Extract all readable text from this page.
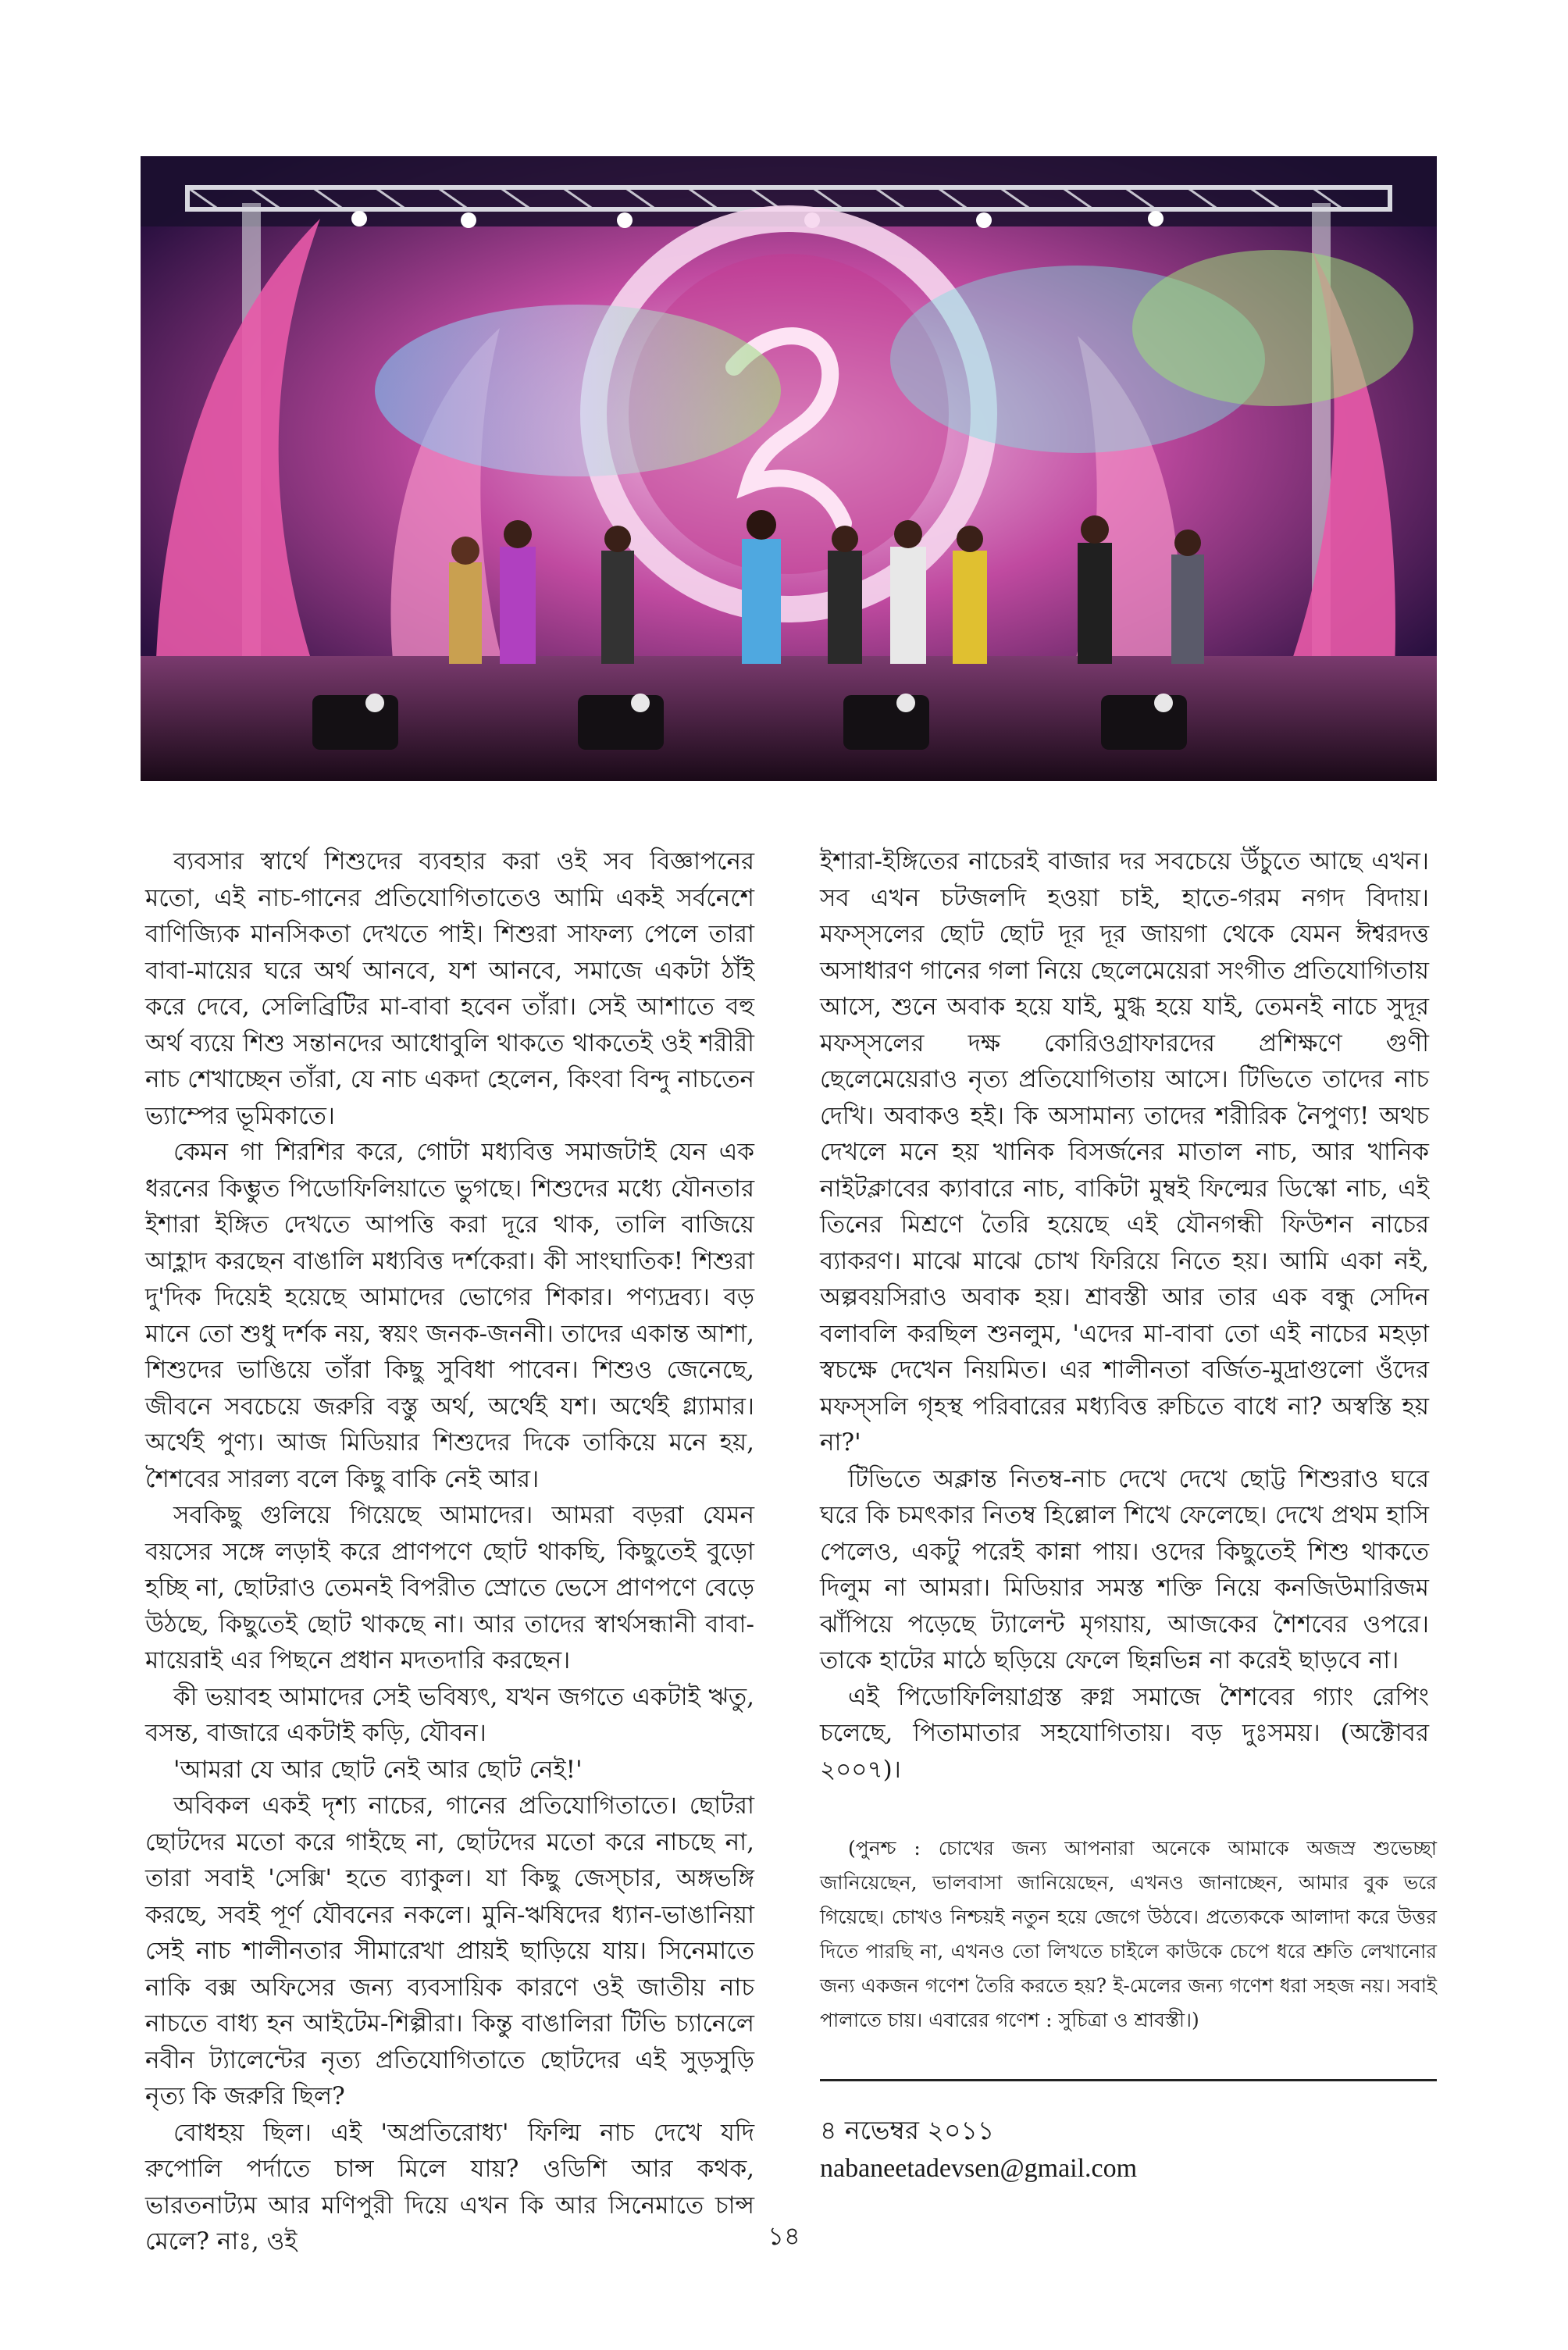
ব্যবসার স্বার্থে শিশুদের ব্যবহার করা ওই সব বিজ্ঞাপনের মতো, এই নাচ-গানের প্রতিযোগিতাতেও আমি একই সর্বনেশে বাণিজ্যিক মানসিকতা দেখতে পাই। শিশুরা সাফল্য পেলে তারা বাবা-মায়ের ঘরে অর্থ আনবে, যশ আনবে, সমাজে একটা ঠাঁই করে দেবে, সেলিব্রিটির মা-বাবা হবেন তাঁরা। সেই আশাতে বহু অর্থ ব্যয়ে শিশু সন্তানদের আধোবুলি থাকতে থাকতেই ওই শরীরী নাচ শেখাচ্ছেন তাঁরা, যে নাচ একদা হেলেন, কিংবা বিন্দু নাচতেন ভ্যাম্পের ভূমিকাতে।

কেমন গা শিরশির করে, গোটা মধ্যবিত্ত সমাজটাই যেন এক ধরনের কিম্ভুত পিডোফিলিয়াতে ভুগছে। শিশুদের মধ্যে যৌনতার ইশারা ইঙ্গিত দেখতে আপত্তি করা দূরে থাক, তালি বাজিয়ে আহ্লাদ করছেন বাঙালি মধ্যবিত্ত দর্শকেরা। কী সাংঘাতিক! শিশুরা দু'দিক দিয়েই হয়েছে আমাদের ভোগের শিকার। পণ্যদ্রব্য। বড় মানে তো শুধু দর্শক নয়, স্বয়ং জনক-জননী। তাদের একান্ত আশা, শিশুদের ভাঙিয়ে তাঁরা কিছু সুবিধা পাবেন। শিশুও জেনেছে, জীবনে সবচেয়ে জরুরি বস্তু অর্থ, অর্থেই যশ। অর্থেই গ্ল্যামার। অর্থেই পুণ্য। আজ মিডিয়ার শিশুদের দিকে তাকিয়ে মনে হয়, শৈশবের সারল্য বলে কিছু বাকি নেই আর।

সবকিছু গুলিয়ে গিয়েছে আমাদের। আমরা বড়রা যেমন বয়সের সঙ্গে লড়াই করে প্রাণপণে ছোট থাকছি, কিছুতেই বুড়ো হচ্ছি না, ছোটরাও তেমনই বিপরীত স্রোতে ভেসে প্রাণপণে বেড়ে উঠছে, কিছুতেই ছোট থাকছে না। আর তাদের স্বার্থসন্ধানী বাবা-মায়েরাই এর পিছনে প্রধান মদতদারি করছেন।

কী ভয়াবহ আমাদের সেই ভবিষ্যৎ, যখন জগতে একটাই ঋতু, বসন্ত, বাজারে একটাই কড়ি, যৌবন।

'আমরা যে আর ছোট নেই আর ছোট নেই!'

অবিকল একই দৃশ্য নাচের, গানের প্রতিযোগিতাতে। ছোটরা ছোটদের মতো করে গাইছে না, ছোটদের মতো করে নাচছে না, তারা সবাই 'সেক্সি' হতে ব্যাকুল। যা কিছু জেস্চার, অঙ্গভঙ্গি করছে, সবই পূর্ণ যৌবনের নকলে। মুনি-ঋষিদের ধ্যান-ভাঙানিয়া সেই নাচ শালীনতার সীমারেখা প্রায়ই ছাড়িয়ে যায়। সিনেমাতে নাকি বক্স অফিসের জন্য ব্যবসায়িক কারণে ওই জাতীয় নাচ নাচতে বাধ্য হন আইটেম-শিল্পীরা। কিন্তু বাঙালিরা টিভি চ্যানেলে নবীন ট্যালেন্টের নৃত্য প্রতিযোগিতাতে ছোটদের এই সুড়সুড়ি নৃত্য কি জরুরি ছিল?

বোধহয় ছিল। এই 'অপ্রতিরোধ্য' ফিল্মি নাচ দেখে যদি রুপোলি পর্দাতে চান্স মিলে যায়? ওডিশি আর কথক, ভারতনাট্যম আর মণিপুরী দিয়ে এখন কি আর সিনেমাতে চান্স মেলে? নাঃ, ওই

ইশারা-ইঙ্গিতের নাচেরই বাজার দর সবচেয়ে উঁচুতে আছে এখন। সব এখন চটজলদি হওয়া চাই, হাতে-গরম নগদ বিদায়। মফস্সলের ছোট ছোট দূর দূর জায়গা থেকে যেমন ঈশ্বরদত্ত অসাধারণ গানের গলা নিয়ে ছেলেমেয়েরা সংগীত প্রতিযোগিতায় আসে, শুনে অবাক হয়ে যাই, মুগ্ধ হয়ে যাই, তেমনই নাচে সুদূর মফস্সলের দক্ষ কোরিওগ্রাফারদের প্রশিক্ষণে গুণী ছেলেমেয়েরাও নৃত্য প্রতিযোগিতায় আসে। টিভিতে তাদের নাচ দেখি। অবাকও হই। কি অসামান্য তাদের শরীরিক নৈপুণ্য! অথচ দেখলে মনে হয় খানিক বিসর্জনের মাতাল নাচ, আর খানিক নাইটক্লাবের ক্যাবারে নাচ, বাকিটা মুম্বই ফিল্মের ডিস্কো নাচ, এই তিনের মিশ্রণে তৈরি হয়েছে এই যৌনগন্ধী ফিউশন নাচের ব্যাকরণ। মাঝে মাঝে চোখ ফিরিয়ে নিতে হয়। আমি একা নই, অল্পবয়সিরাও অবাক হয়। শ্রাবস্তী আর তার এক বন্ধু সেদিন বলাবলি করছিল শুনলুম, 'এদের মা-বাবা তো এই নাচের মহড়া স্বচক্ষে দেখেন নিয়মিত। এর শালীনতা বর্জিত-মুদ্রাগুলো ওঁদের মফস্সলি গৃহস্থ পরিবারের মধ্যবিত্ত রুচিতে বাধে না? অস্বস্তি হয় না?'

টিভিতে অক্লান্ত নিতম্ব-নাচ দেখে দেখে ছোট্ট শিশুরাও ঘরে ঘরে কি চমৎকার নিতম্ব হিল্লোল শিখে ফেলেছে। দেখে প্রথম হাসি পেলেও, একটু পরেই কান্না পায়। ওদের কিছুতেই শিশু থাকতে দিলুম না আমরা। মিডিয়ার সমস্ত শক্তি নিয়ে কনজিউমারিজম ঝাঁপিয়ে পড়েছে ট্যালেন্ট মৃগয়ায়, আজকের শৈশবের ওপরে। তাকে হাটের মাঠে ছড়িয়ে ফেলে ছিন্নভিন্ন না করেই ছাড়বে না।

এই পিডোফিলিয়াগ্রস্ত রুগ্ন সমাজে শৈশবের গ্যাং রেপিং চলেছে, পিতামাতার সহযোগিতায়। বড় দুঃসময়। (অক্টোবর ২০০৭)।

(পুনশ্চ : চোখের জন্য আপনারা অনেকে আমাকে অজস্র শুভেচ্ছা জানিয়েছেন, ভালবাসা জানিয়েছেন, এখনও জানাচ্ছেন, আমার বুক ভরে গিয়েছে। চোখও নিশ্চয়ই নতুন হয়ে জেগে উঠবে। প্রত্যেককে আলাদা করে উত্তর দিতে পারছি না, এখনও তো লিখতে চাইলে কাউকে চেপে ধরে শ্রুতি লেখানোর জন্য একজন গণেশ তৈরি করতে হয়? ই-মেলের জন্য গণেশ ধরা সহজ নয়। সবাই পালাতে চায়। এবারের গণেশ : সুচিত্রা ও শ্রাবস্তী।)

৪ নভেম্বর ২০১১
nabaneetadevsen@gmail.com
১৪
